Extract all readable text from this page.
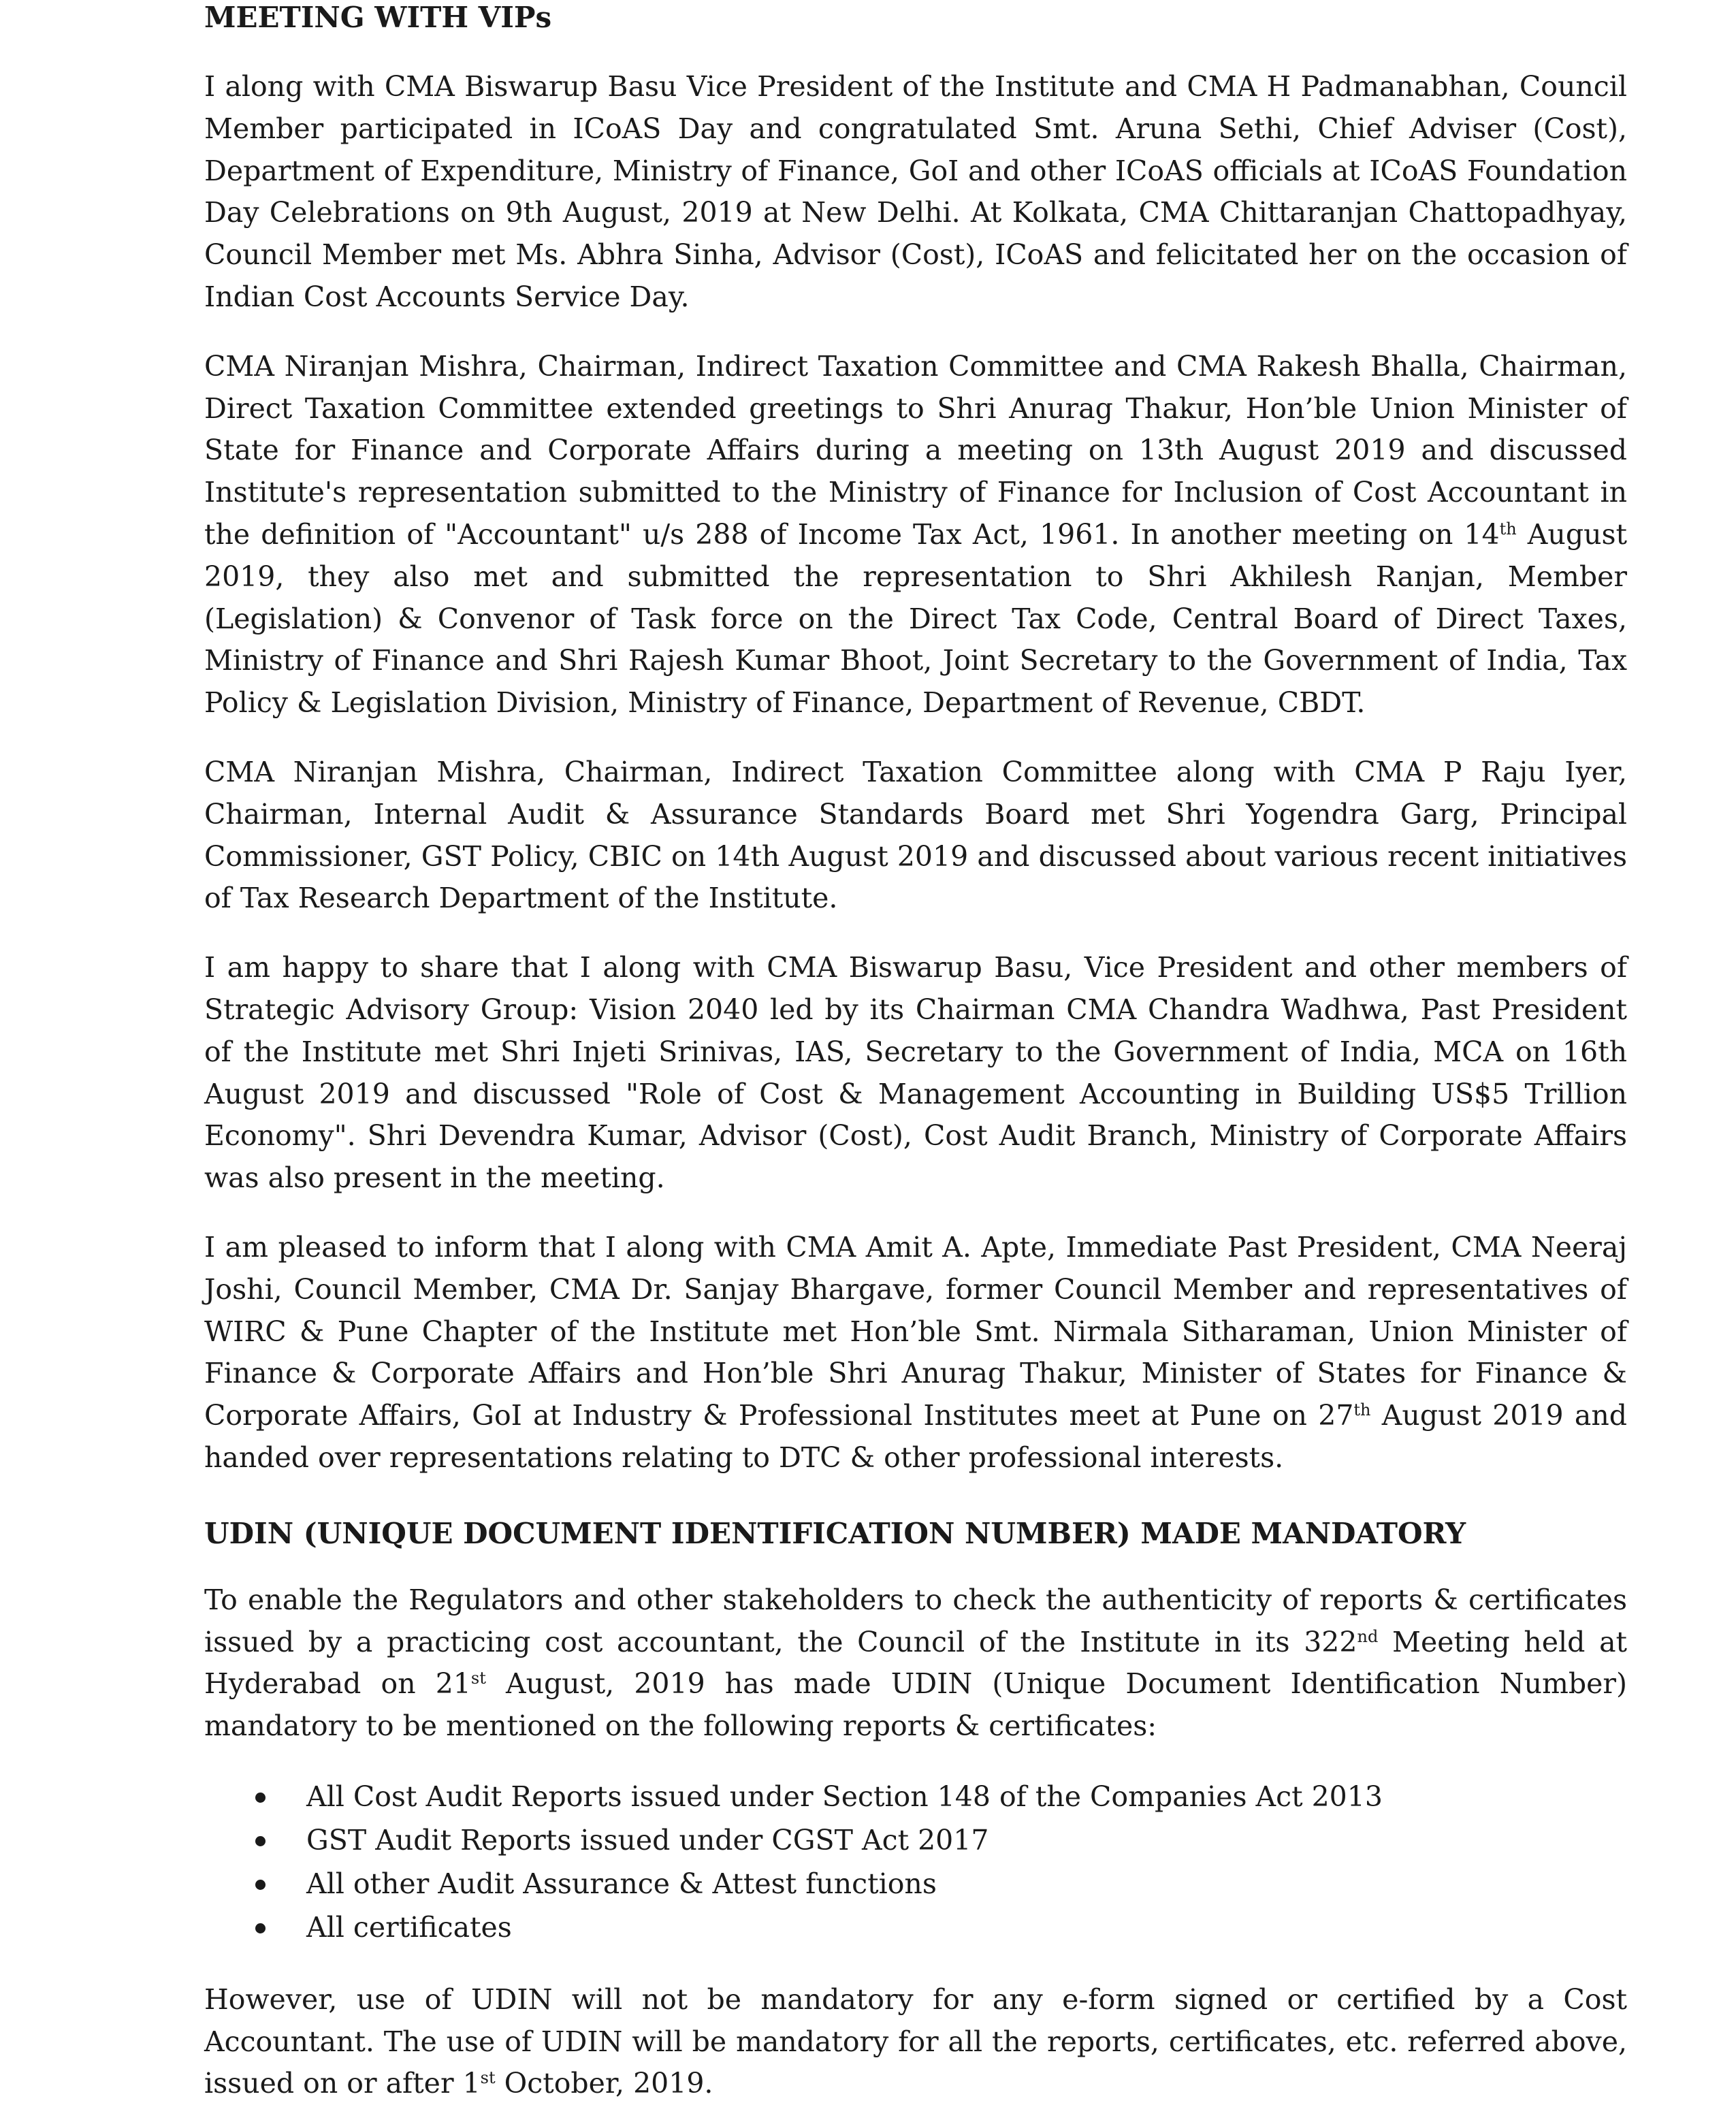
MEETING WITH VIPs

I along with CMA Biswarup Basu Vice President of the Institute and CMA H Padmanabhan, Council Member participated in ICoAS Day and congratulated Smt. Aruna Sethi, Chief Adviser (Cost), Department of Expenditure, Ministry of Finance, GoI and other ICoAS officials at ICoAS Foundation Day Celebrations on 9th August, 2019 at New Delhi. At Kolkata, CMA Chittaranjan Chattopadhyay, Council Member met Ms. Abhra Sinha, Advisor (Cost), ICoAS and felicitated her on the occasion of Indian Cost Accounts Service Day.

CMA Niranjan Mishra, Chairman, Indirect Taxation Committee and CMA Rakesh Bhalla, Chairman, Direct Taxation Committee extended greetings to Shri Anurag Thakur, Hon’ble Union Minister of State for Finance and Corporate Affairs during a meeting on 13th August 2019 and discussed Institute's representation submitted to the Ministry of Finance for Inclusion of Cost Accountant in the definition of "Accountant" u/s 288 of Income Tax Act, 1961. In another meeting on 14th August 2019, they also met and submitted the representation to Shri Akhilesh Ranjan, Member (Legislation) & Convenor of Task force on the Direct Tax Code, Central Board of Direct Taxes, Ministry of Finance and Shri Rajesh Kumar Bhoot, Joint Secretary to the Government of India, Tax Policy & Legislation Division, Ministry of Finance, Department of Revenue, CBDT.

CMA Niranjan Mishra, Chairman, Indirect Taxation Committee along with CMA P Raju Iyer, Chairman, Internal Audit & Assurance Standards Board met Shri Yogendra Garg, Principal Commissioner, GST Policy, CBIC on 14th August 2019 and discussed about various recent initiatives of Tax Research Department of the Institute.

I am happy to share that I along with CMA Biswarup Basu, Vice President and other members of Strategic Advisory Group: Vision 2040 led by its Chairman CMA Chandra Wadhwa, Past President of the Institute met Shri Injeti Srinivas, IAS, Secretary to the Government of India, MCA on 16th August 2019 and discussed "Role of Cost & Management Accounting in Building US$5 Trillion Economy". Shri Devendra Kumar, Advisor (Cost), Cost Audit Branch, Ministry of Corporate Affairs was also present in the meeting.

I am pleased to inform that I along with CMA Amit A. Apte, Immediate Past President, CMA Neeraj Joshi, Council Member, CMA Dr. Sanjay Bhargave, former Council Member and representatives of WIRC & Pune Chapter of the Institute met Hon’ble Smt. Nirmala Sitharaman, Union Minister of Finance & Corporate Affairs and Hon’ble Shri Anurag Thakur, Minister of States for Finance & Corporate Affairs, GoI at Industry & Professional Institutes meet at Pune on 27th August 2019 and handed over representations relating to DTC & other professional interests.

UDIN (UNIQUE DOCUMENT IDENTIFICATION NUMBER) MADE MANDATORY

To enable the Regulators and other stakeholders to check the authenticity of reports & certificates issued by a practicing cost accountant, the Council of the Institute in its 322nd Meeting held at Hyderabad on 21st August, 2019 has made UDIN (Unique Document Identification Number) mandatory to be mentioned on the following reports & certificates:

All Cost Audit Reports issued under Section 148 of the Companies Act 2013
GST Audit Reports issued under CGST Act 2017
All other Audit Assurance & Attest functions
All certificates

However, use of UDIN will not be mandatory for any e-form signed or certified by a Cost Accountant. The use of UDIN will be mandatory for all the reports, certificates, etc. referred above, issued on or after 1st October, 2019.
